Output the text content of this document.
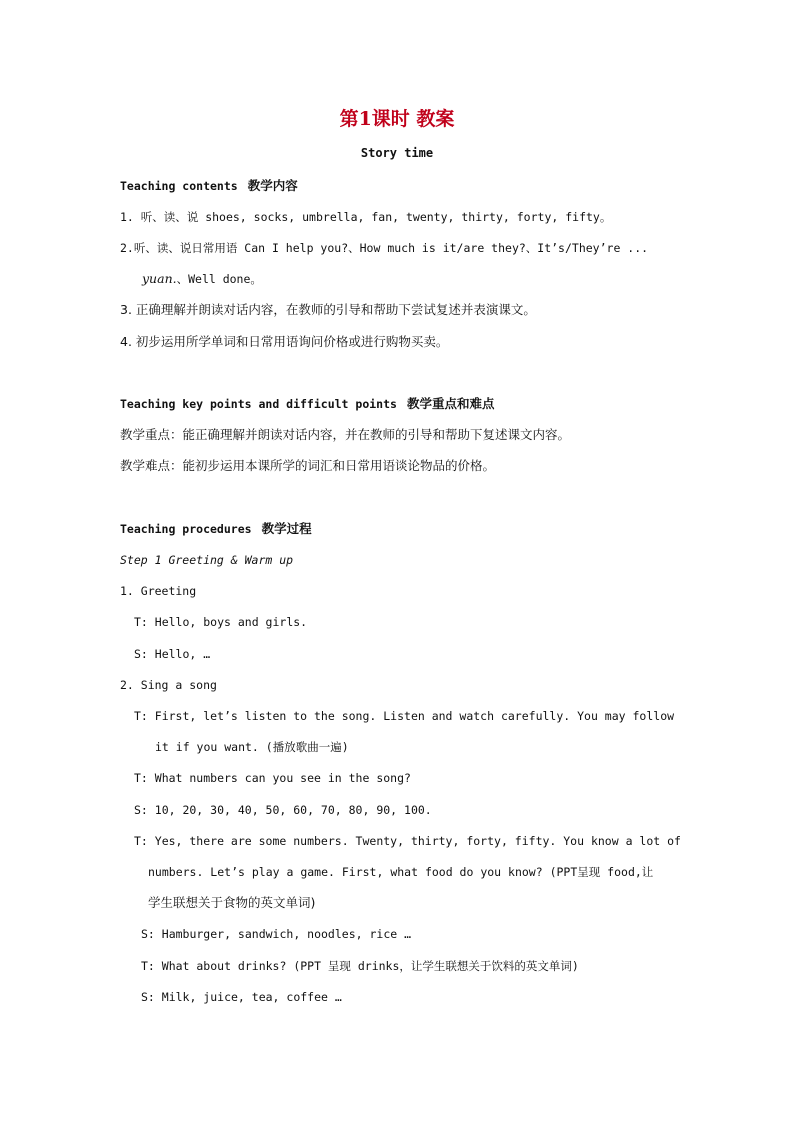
第1课时 教案
Story time
Teaching contents 教学内容
1. 听、读、说 shoes, socks, umbrella, fan, twenty, thirty, forty, fifty。
2.听、读、说日常用语 Can I help you?、How much is it/are they?、It’s/They’re ...
yuan.、Well done。
3. 正确理解并朗读对话内容，在教师的引导和帮助下尝试复述并表演课文。
4. 初步运用所学单词和日常用语询问价格或进行购物买卖。
Teaching key points and difficult points 教学重点和难点
教学重点：能正确理解并朗读对话内容，并在教师的引导和帮助下复述课文内容。
教学难点：能初步运用本课所学的词汇和日常用语谈论物品的价格。
Teaching procedures 教学过程
Step 1 Greeting & Warm up
1. Greeting
T: Hello, boys and girls.
S: Hello, …
2. Sing a song
T: First, let’s listen to the song. Listen and watch carefully. You may follow
it if you want. (播放歌曲一遍)
T: What numbers can you see in the song?
S: 10, 20, 30, 40, 50, 60, 70, 80, 90, 100.
T: Yes, there are some numbers. Twenty, thirty, forty, fifty. You know a lot of
numbers. Let’s play a game. First, what food do you know? (PPT呈现 food,让
学生联想关于食物的英文单词)
S: Hamburger, sandwich, noodles, rice …
T: What about drinks? (PPT 呈现 drinks，让学生联想关于饮料的英文单词)
S: Milk, juice, tea, coffee …
